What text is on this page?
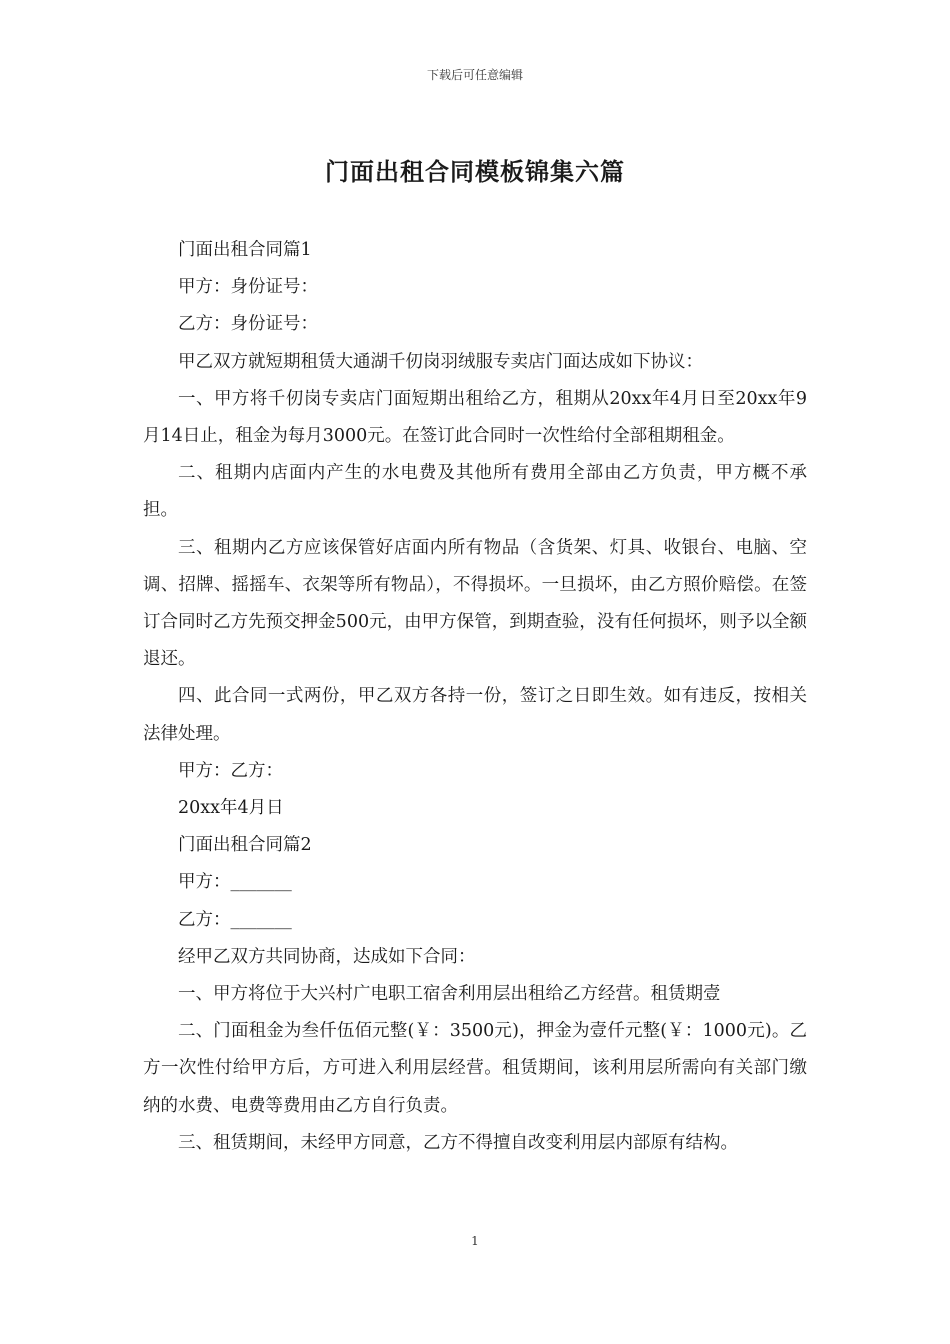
下载后可任意编辑
门面出租合同模板锦集六篇

门面出租合同篇1

甲方：身份证号：

乙方：身份证号：

甲乙双方就短期租赁大通湖千仞岗羽绒服专卖店门面达成如下协议：

一、甲方将千仞岗专卖店门面短期出租给乙方，租期从20xx年4月日至20xx年9月14日止，租金为每月3000元。在签订此合同时一次性给付全部租期租金。

二、租期内店面内产生的水电费及其他所有费用全部由乙方负责，甲方概不承担。

三、租期内乙方应该保管好店面内所有物品（含货架、灯具、收银台、电脑、空调、招牌、摇摇车、衣架等所有物品），不得损坏。一旦损坏，由乙方照价赔偿。在签订合同时乙方先预交押金500元，由甲方保管，到期查验，没有任何损坏，则予以全额退还。

四、此合同一式两份，甲乙双方各持一份，签订之日即生效。如有违反，按相关法律处理。

甲方：乙方：

20xx年4月日

门面出租合同篇2

甲方：_______

乙方：_______

经甲乙双方共同协商，达成如下合同：

一、甲方将位于大兴村广电职工宿舍利用层出租给乙方经营。租赁期壹

二、门面租金为叁仟伍佰元整(￥：3500元)，押金为壹仟元整(￥：1000元)。乙方一次性付给甲方后，方可进入利用层经营。租赁期间，该利用层所需向有关部门缴纳的水费、电费等费用由乙方自行负责。

三、租赁期间，未经甲方同意，乙方不得擅自改变利用层内部原有结构。

1
